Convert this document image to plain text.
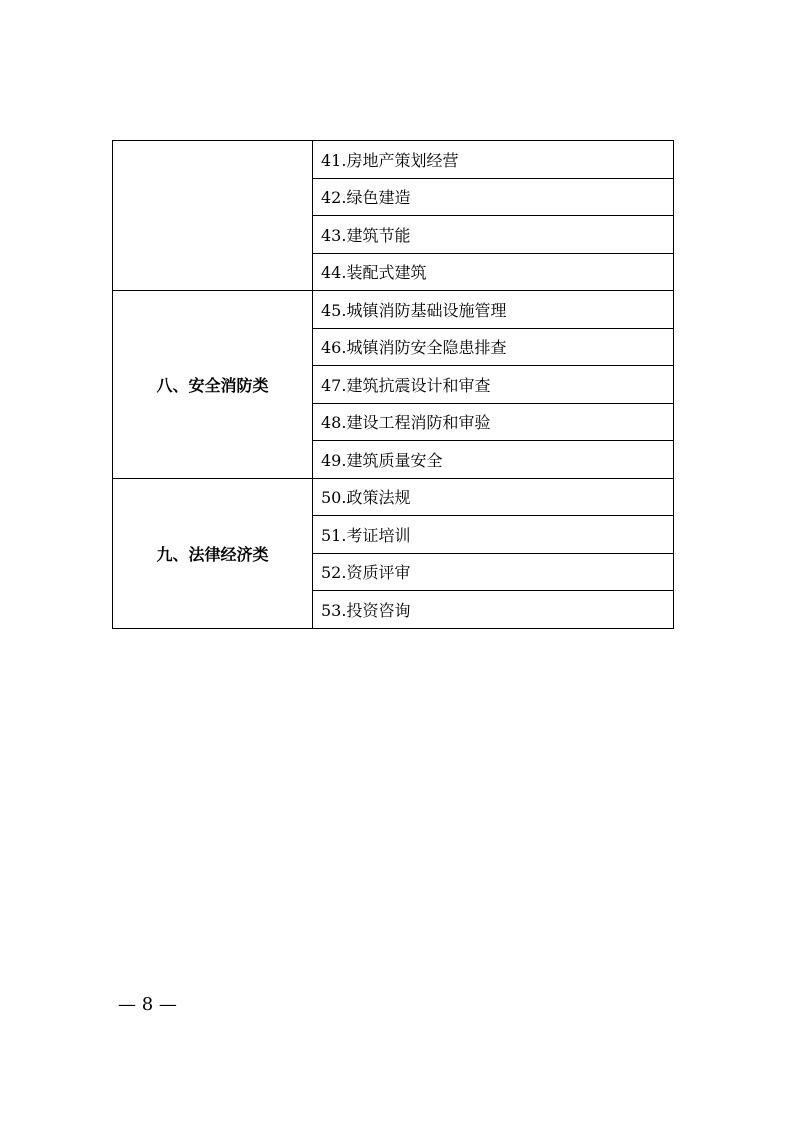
	41.房地产策划经营
	42.绿色建造
	43.建筑节能
	44.装配式建筑
八、安全消防类	45.城镇消防基础设施管理
	46.城镇消防安全隐患排查
	47.建筑抗震设计和审查
	48.建设工程消防和审验
	49.建筑质量安全
九、法律经济类	50.政策法规
	51.考证培训
	52.资质评审
	53.投资咨询
— 8 —
